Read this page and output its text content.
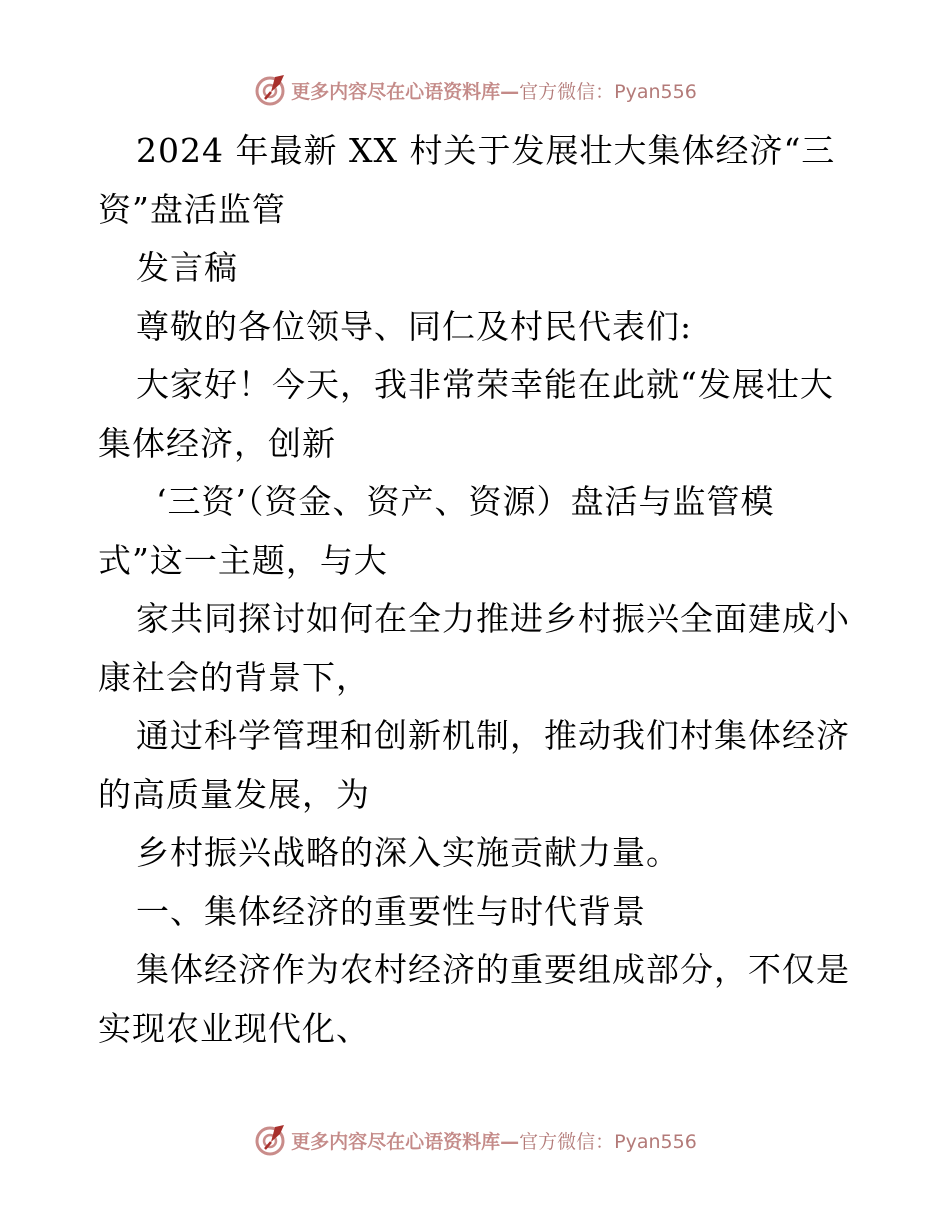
更多内容尽在心语资料库—官方微信：Pyan556
2024 年最新 XX 村关于发展壮大集体经济“三
资”盘活监管
发言稿
尊敬的各位领导、同仁及村民代表们:
大家好！今天，我非常荣幸能在此就“发展壮大
集体经济，创新
‘三资’（资金、资产、资源）盘活与监管模
式”这一主题，与大
家共同探讨如何在全力推进乡村振兴全面建成小
康社会的背景下，
通过科学管理和创新机制，推动我们村集体经济
的高质量发展，为
乡村振兴战略的深入实施贡献力量。
一、集体经济的重要性与时代背景
集体经济作为农村经济的重要组成部分，不仅是
实现农业现代化、
更多内容尽在心语资料库—官方微信：Pyan556
